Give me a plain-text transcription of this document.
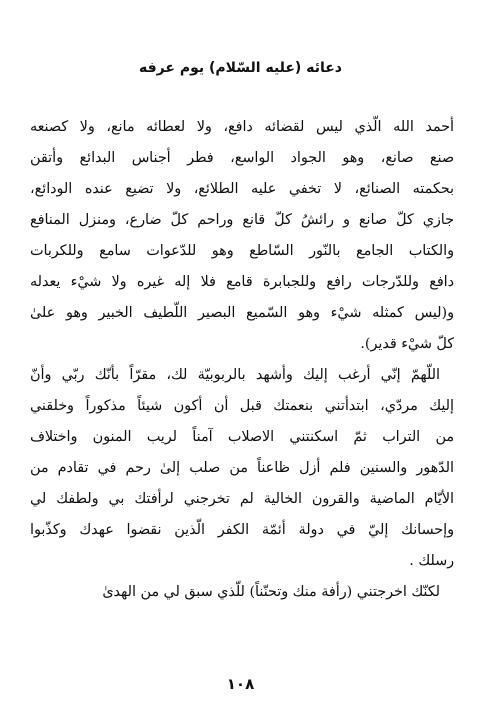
دعائه (عليه السّلام) يوم عرفه
أحمد الله الّذي ليس لقضائه دافع، ولا لعطائه مانع، ولا كصنعه
صنع صانع، وهو الجواد الواسع، فطر أجناس البدائع وأتقن
بحكمته الصنائع، لا تخفي عليه الطلائع، ولا تضيع عنده الودائع،
جازي كلّ صانع و رائشُ كلّ قانع وراحم كلّ ضارع، ومنزل المنافع
والكتاب الجامع بالنّور السّاطع وهو للدّعوات سامع وللكربات
دافع وللدّرجات رافع وللجبابرة قامع فلا إله غيره ولا شيْء يعدله
و(ليس كمثله شيْء وهو السّميع البصير اللّطيف الخبير وهو علىٰ
كلّ شيْء قدير).
اللّهمّ إنّي أرغب إليك وأشهد بالربوبيّة لك، مقرّاً بأنّك ربّي وأنّ
إليك مردّي، ابتدأتني بنعمتك قبل أن أكون شيئاً مذكوراً وخلقني
من التراب ثمّ اسكنتني الاصلاب آمناً لريب المنون واختلاف
الدّهور والسنين فلم أزل ظاعناً من صلب إلىٰ رحم في تقادم من
الأيّام الماضية والقرون الخالية لم تخرجني لرأفتك بي ولطفك لي
وإحسانك إليّ في دولة أئمّة الكفر الّذين نقضوا عهدك وكذّبوا
رسلك .
لكنّك اخرجتني (رأفة منك وتحنّناً) للّذي سبق لي من الهدىٰ
١٠٨
